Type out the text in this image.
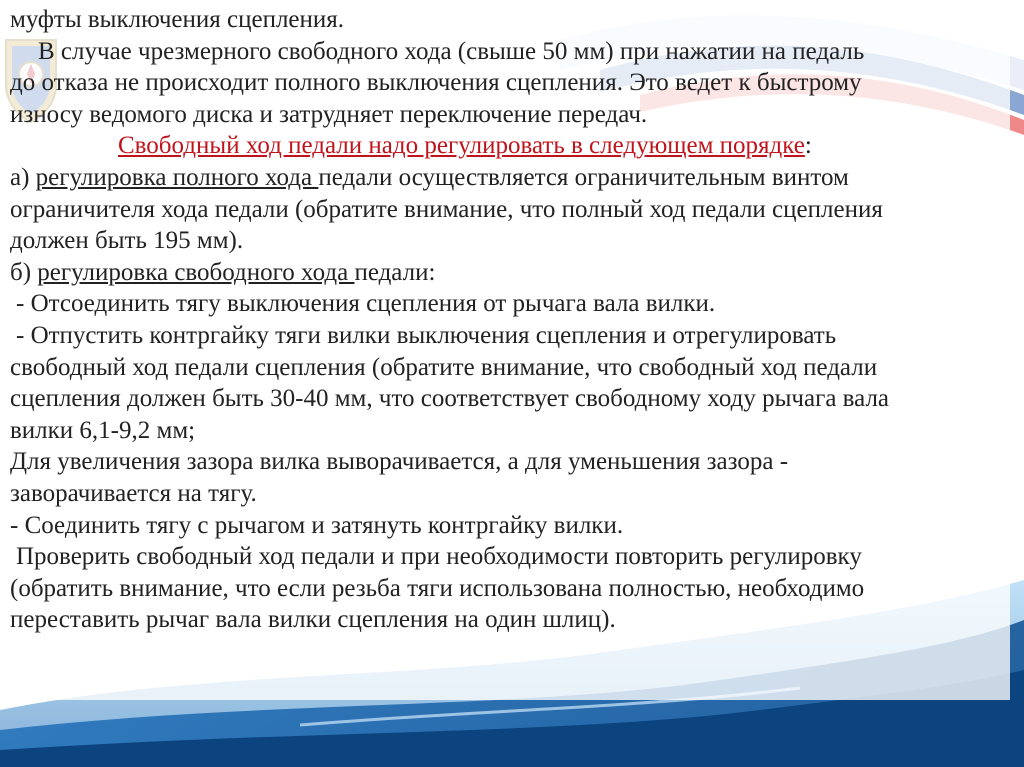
муфты выключения сцепления.
В случае чрезмерного свободного хода (свыше 50 мм) при нажатии на педаль
до отказа не происходит полного выключения сцепления. Это ведет к быстрому
износу ведомого диска и затрудняет переключение передач.
Свободный ход педали надо регулировать в следующем порядке:
а) регулировка полного хода педали осуществляется ограничительным винтом
ограничителя хода педали (обратите внимание, что полный ход педали сцепления
должен быть 195 мм).
б) регулировка свободного хода педали:
- Отсоединить тягу выключения сцепления от рычага вала вилки.
- Отпустить контргайку тяги вилки выключения сцепления и отрегулировать
свободный ход педали сцепления (обратите внимание, что свободный ход педали
сцепления должен быть 30-40 мм, что соответствует свободному ходу рычага вала
вилки 6,1-9,2 мм;
Для увеличения зазора вилка выворачивается, а для уменьшения зазора -
заворачивается на тягу.
- Соединить тягу с рычагом и затянуть контргайку вилки.
Проверить свободный ход педали и при необходимости повторить регулировку
(обратить внимание, что если резьба тяги использована полностью, необходимо
переставить рычаг вала вилки сцепления на один шлиц).
